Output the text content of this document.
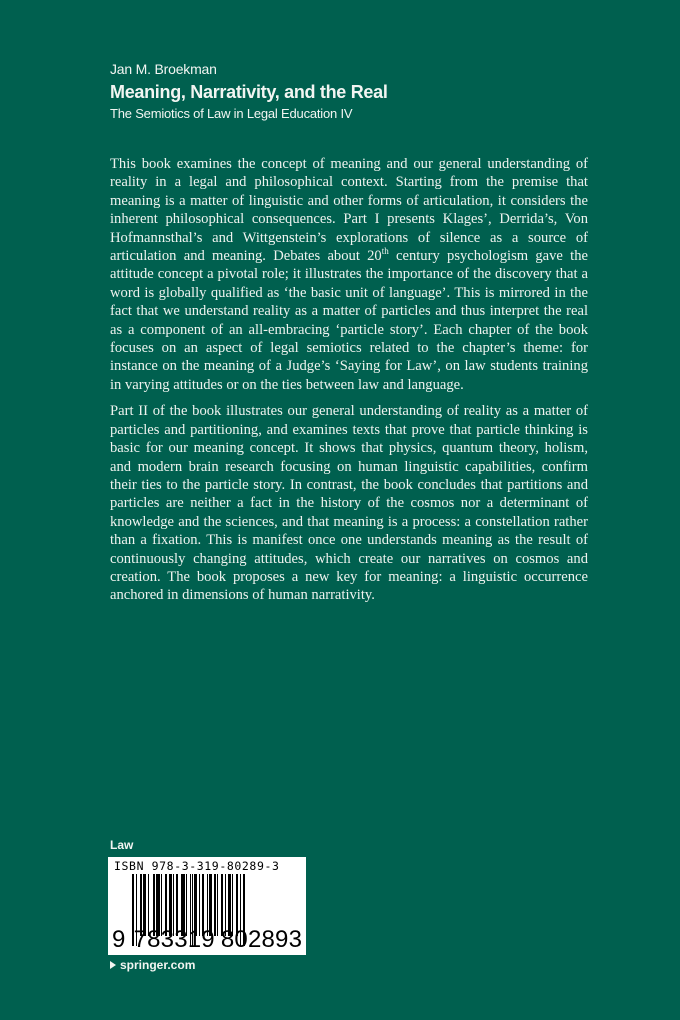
Jan M. Broekman
Meaning, Narrativity, and the Real
The Semiotics of Law in Legal Education IV

This book examines the concept of meaning and our general understanding of reality in a legal and philosophical context. Starting from the premise that meaning is a matter of linguistic and other forms of articulation, it considers the inherent philosophical consequences. Part I presents Klages’, Derrida’s, Von Hofmannsthal’s and Wittgenstein’s explorations of silence as a source of articulation and meaning. Debates about 20th century psychologism gave the attitude concept a pivotal role; it illustrates the importance of the discovery that a word is globally qualified as ‘the basic unit of language’. This is mirrored in the fact that we understand reality as a matter of particles and thus interpret the real as a component of an all-embracing ‘particle story’. Each chapter of the book focuses on an aspect of legal semiotics related to the chapter’s theme: for instance on the meaning of a Judge’s ‘Saying for Law’, on law students training in varying attitudes or on the ties between law and language.

Part II of the book illustrates our general understanding of reality as a matter of particles and partitioning, and examines texts that prove that particle thinking is basic for our meaning concept. It shows that physics, quantum theory, holism, and modern brain research focusing on human linguistic capabilities, confirm their ties to the particle story. In contrast, the book concludes that partitions and particles are neither a fact in the history of the cosmos nor a determinant of knowledge and the sciences, and that meaning is a process: a constellation rather than a fixation. This is manifest once one understands meaning as the result of continuously changing attitudes, which create our narratives on cosmos and creation. The book proposes a new key for meaning: a linguistic occurrence anchored in dimensions of human narrativity.

Law
ISBN 978-3-319-80289-3
9 783319 802893
springer.com
